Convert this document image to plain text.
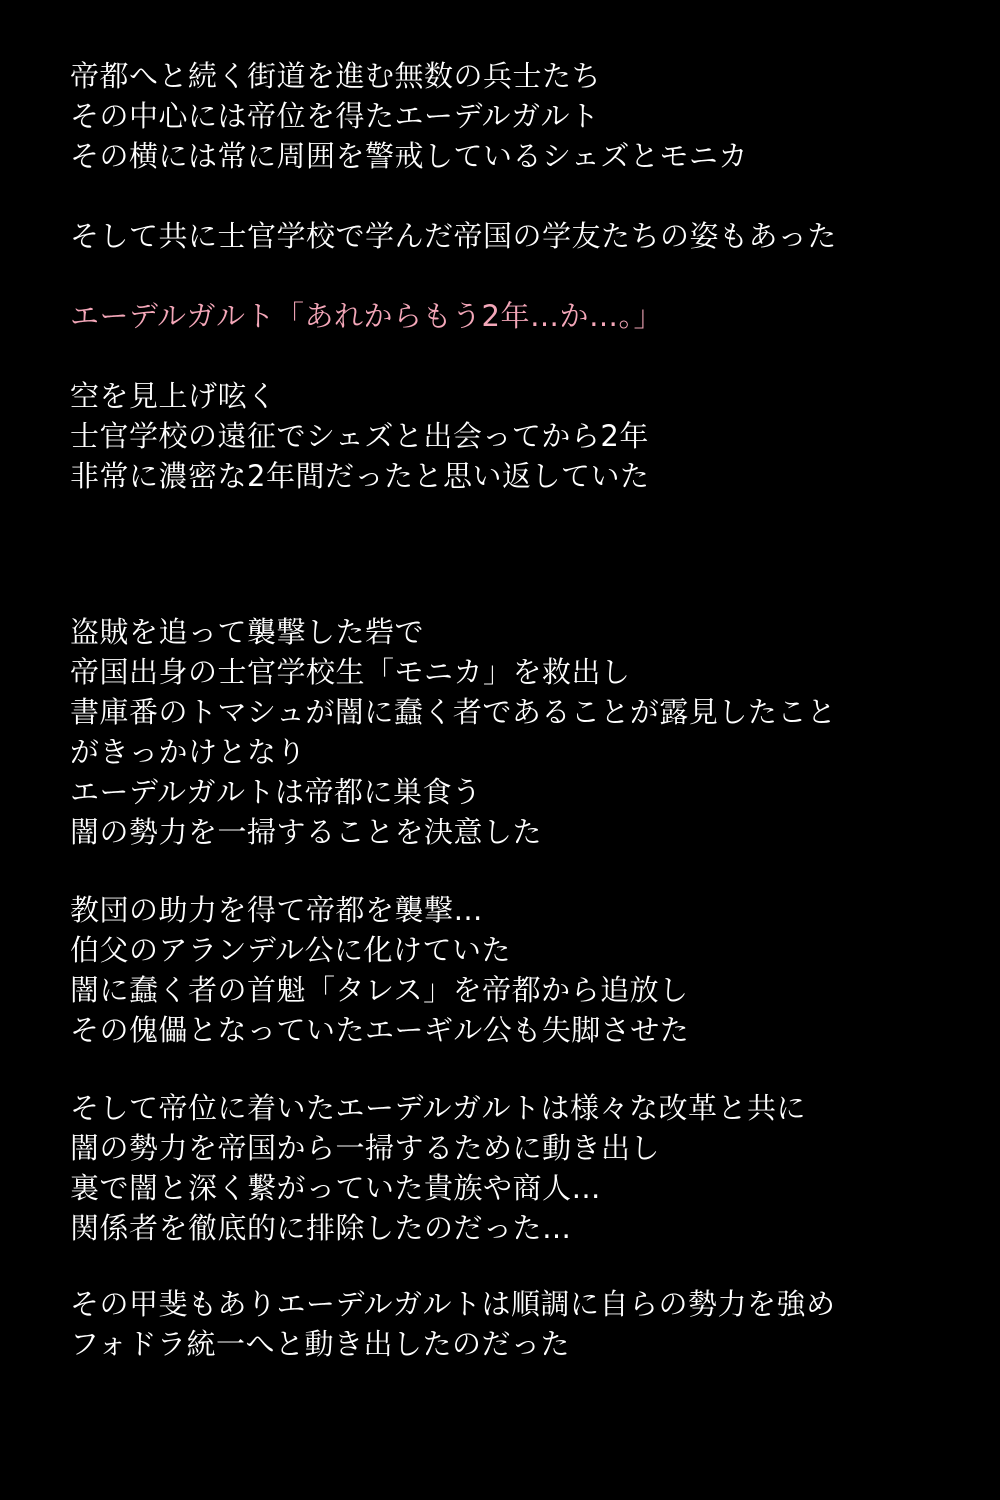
帝都へと続く街道を進む無数の兵士たち
その中心には帝位を得たエーデルガルト
その横には常に周囲を警戒しているシェズとモニカ
そして共に士官学校で学んだ帝国の学友たちの姿もあった
エーデルガルト「あれからもう2年…か…。」
空を見上げ呟く
士官学校の遠征でシェズと出会ってから2年
非常に濃密な2年間だったと思い返していた
盗賊を追って襲撃した砦で
帝国出身の士官学校生「モニカ」を救出し
書庫番のトマシュが闇に蠢く者であることが露見したこと
がきっかけとなり
エーデルガルトは帝都に巣食う
闇の勢力を一掃することを決意した
教団の助力を得て帝都を襲撃…
伯父のアランデル公に化けていた
闇に蠢く者の首魁「タレス」を帝都から追放し
その傀儡となっていたエーギル公も失脚させた
そして帝位に着いたエーデルガルトは様々な改革と共に
闇の勢力を帝国から一掃するために動き出し
裏で闇と深く繋がっていた貴族や商人…
関係者を徹底的に排除したのだった…
その甲斐もありエーデルガルトは順調に自らの勢力を強め
フォドラ統一へと動き出したのだった
